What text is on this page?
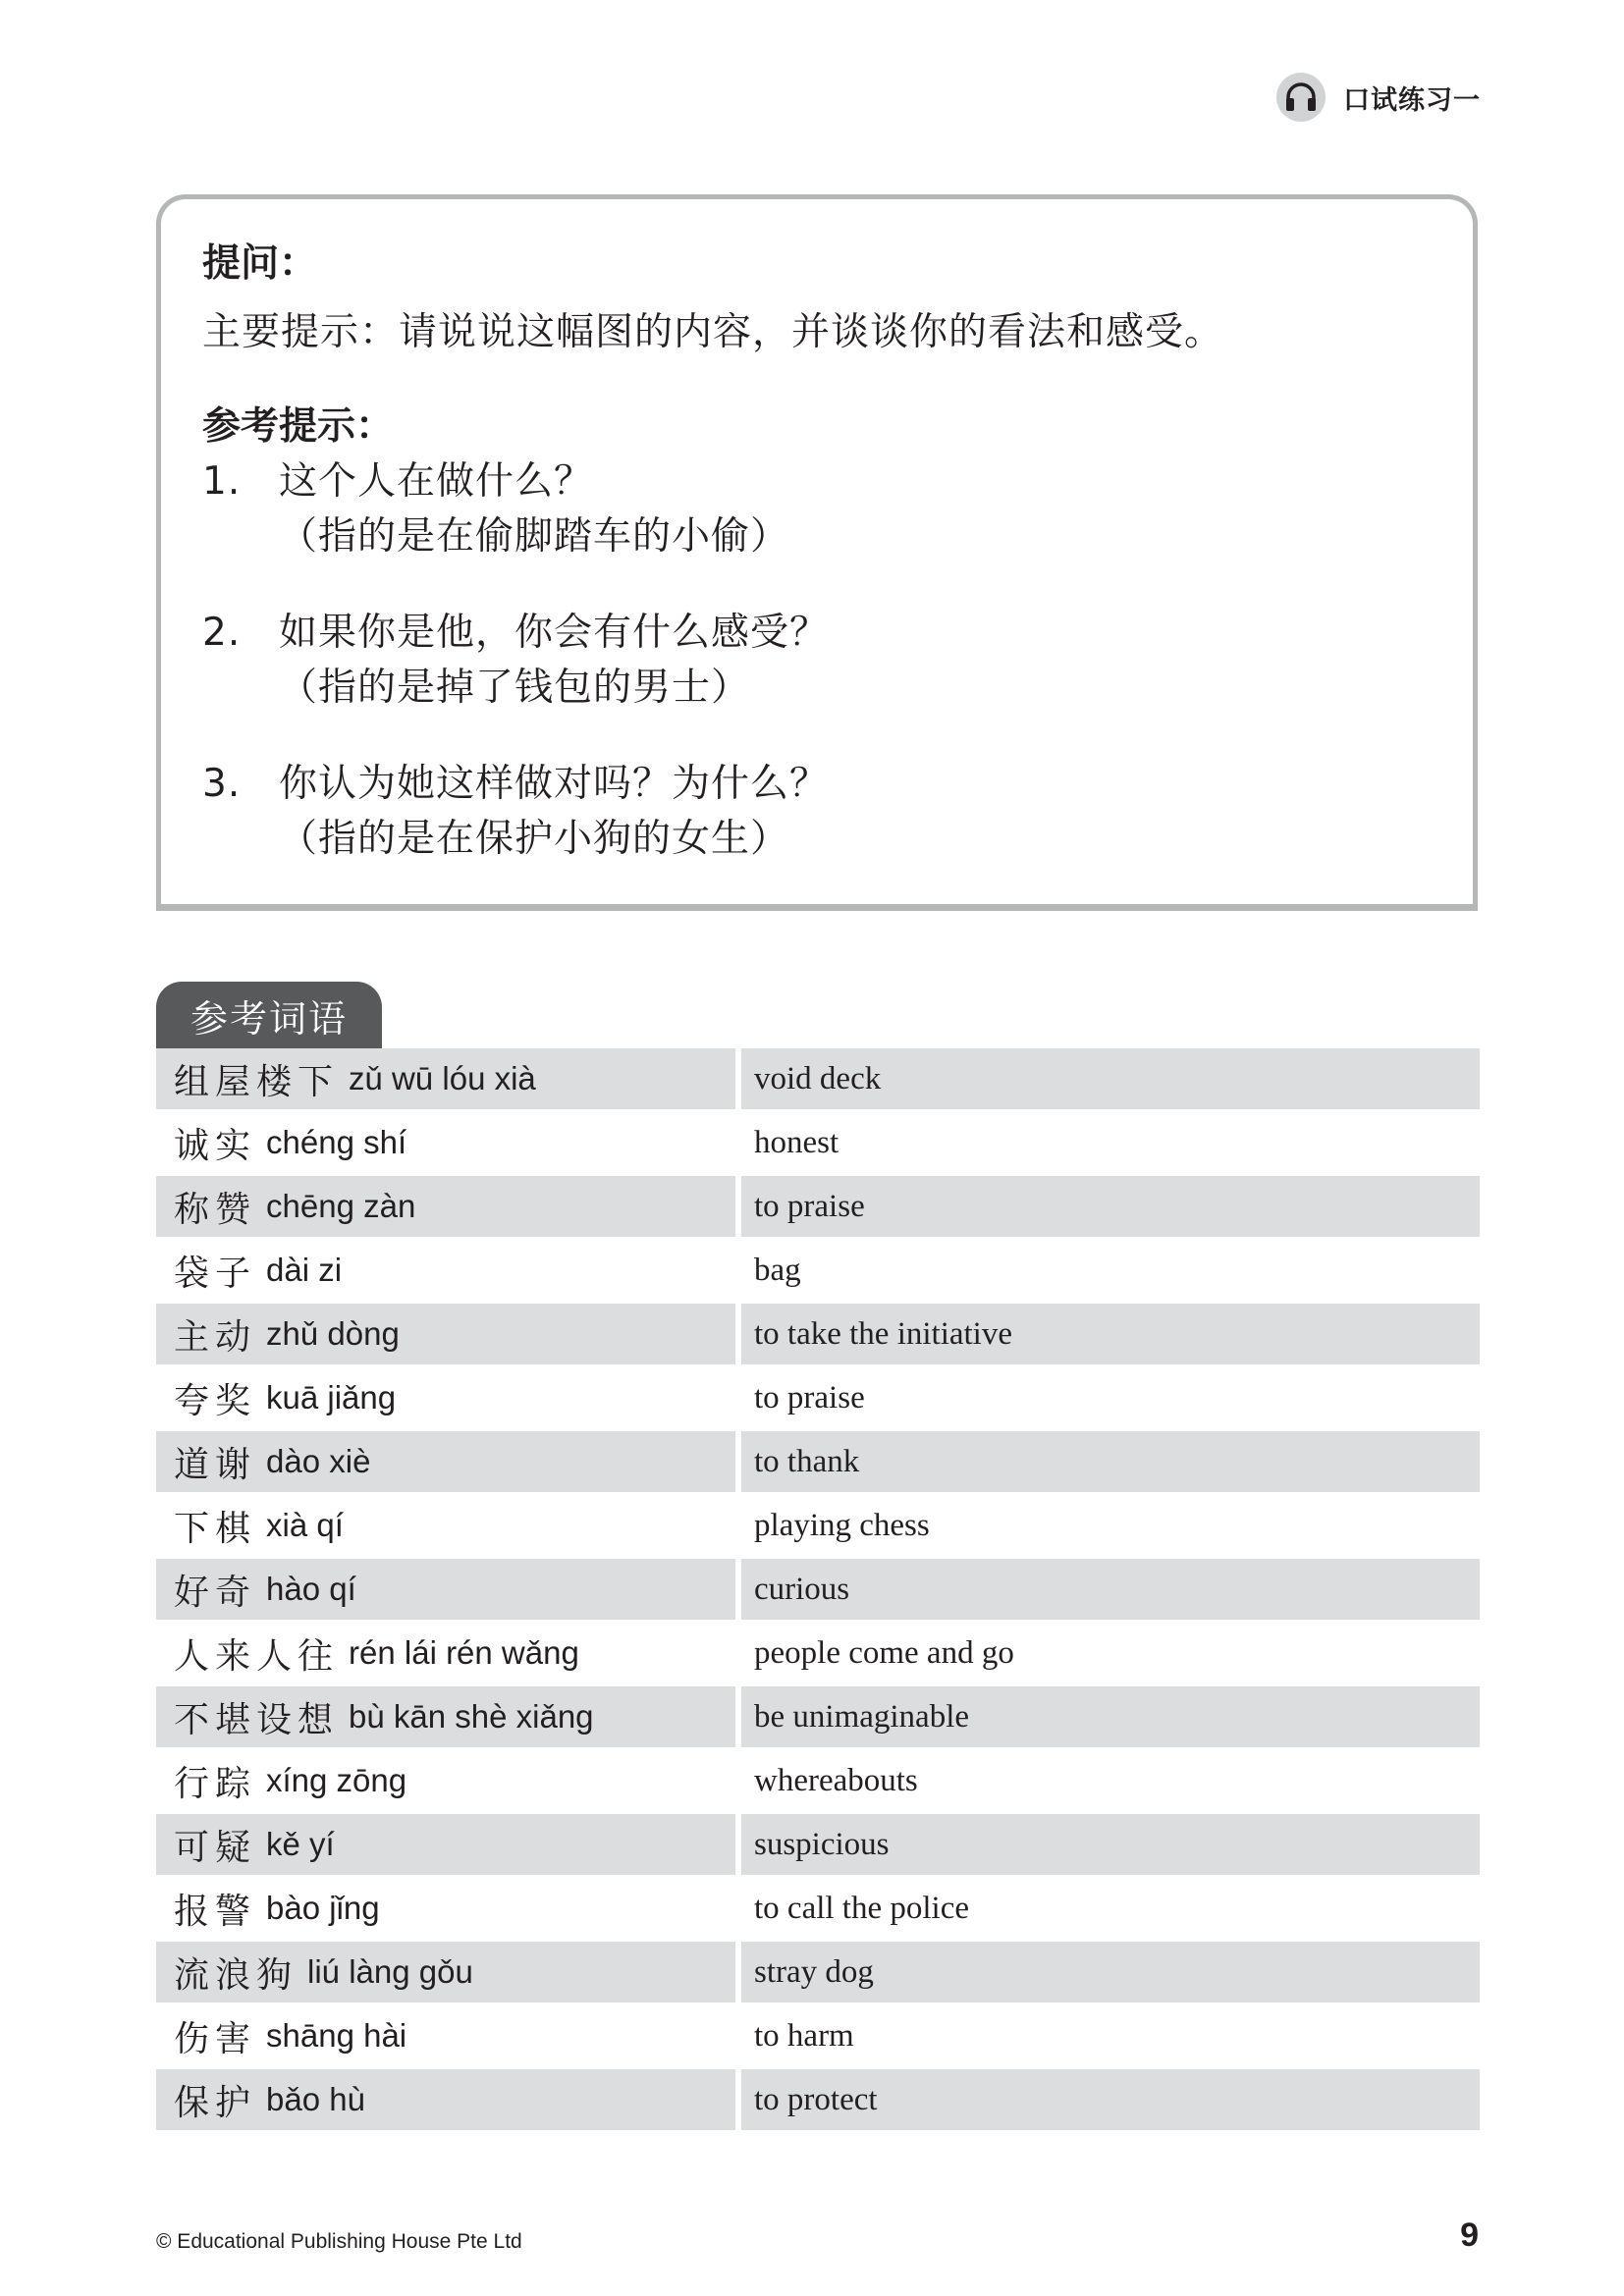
口试练习一
提问：
主要提示：请说说这幅图的内容，并谈谈你的看法和感受。
参考提示：
1. 这个人在做什么？
（指的是在偷脚踏车的小偷）
2. 如果你是他，你会有什么感受？
（指的是掉了钱包的男士）
3. 你认为她这样做对吗？为什么？
（指的是在保护小狗的女生）
参考词语
组屋楼下 zǔ wū lóu xià	void deck
诚实 chéng shí	honest
称赞 chēng zàn	to praise
袋子 dài zi	bag
主动 zhǔ dòng	to take the initiative
夸奖 kuā jiǎng	to praise
道谢 dào xiè	to thank
下棋 xià qí	playing chess
好奇 hào qí	curious
人来人往 rén lái rén wǎng	people come and go
不堪设想 bù kān shè xiǎng	be unimaginable
行踪 xíng zōng	whereabouts
可疑 kě yí	suspicious
报警 bào jǐng	to call the police
流浪狗 liú làng gǒu	stray dog
伤害 shāng hài	to harm
保护 bǎo hù	to protect
© Educational Publishing House Pte Ltd	9
